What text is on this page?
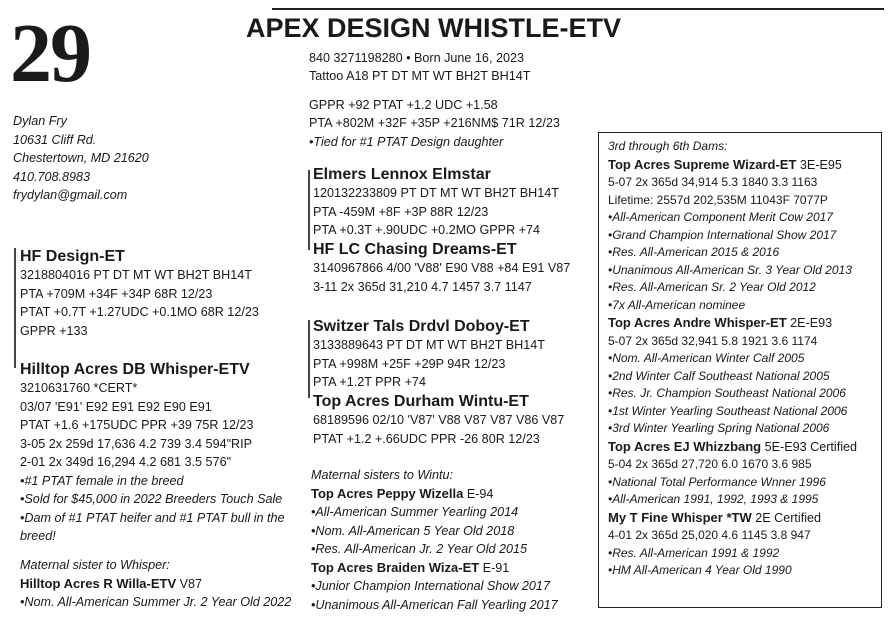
29	APEX DESIGN WHISTLE-ETV
840 3271198280 • Born June 16, 2023
Tattoo A18 PT DT MT WT BH2T BH14T
GPPR +92 PTAT +1.2 UDC +1.58
PTA +802M +32F +35P +216NM$ 71R 12/23
•Tied for #1 PTAT Design daughter
Dylan Fry
10631 Cliff Rd.
Chestertown, MD 21620
410.708.8983
frydylan@gmail.com
HF Design-ET
3218804016 PT DT MT WT BH2T BH14T
PTA +709M +34F +34P 68R 12/23
PTAT +0.7T +1.27UDC +0.1MO 68R 12/23
GPPR +133
Hilltop Acres DB Whisper-ETV
3210631760 *CERT*
03/07 'E91' E92 E91 E92 E90 E91
PTAT +1.6 +175UDC PPR +39 75R 12/23
3-05 2x 259d 17,636 4.2 739 3.4 594"RIP
2-01 2x 349d 16,294 4.2 681 3.5 576"
•#1 PTAT female in the breed
•Sold for $45,000 in 2022 Breeders Touch Sale
•Dam of #1 PTAT heifer and #1 PTAT bull in the breed!
Maternal sister to Whisper:
Hilltop Acres R Willa-ETV V87
•Nom. All-American Summer Jr. 2 Year Old 2022
Elmers Lennox Elmstar
120132233809 PT DT MT WT BH2T BH14T
PTA -459M +8F +3P 88R 12/23
PTA +0.3T +.90UDC +0.2MO GPPR +74
HF LC Chasing Dreams-ET
3140967866 4/00 'V88' E90 V88 +84 E91 V87
3-11 2x 365d 31,210 4.7 1457 3.7 1147
Switzer Tals Drdvl Doboy-ET
3133889643 PT DT MT WT BH2T BH14T
PTA +998M +25F +29P 94R 12/23
PTA +1.2T PPR +74
Top Acres Durham Wintu-ET
68189596 02/10 'V87' V88 V87 V87 V86 V87
PTAT +1.2 +.66UDC PPR -26 80R 12/23
Maternal sisters to Wintu:
Top Acres Peppy Wizella E-94
•All-American Summer Yearling 2014
•Nom. All-American 5 Year Old 2018
•Res. All-American Jr. 2 Year Old 2015
Top Acres Braiden Wiza-ET E-91
•Junior Champion International Show 2017
•Unanimous All-American Fall Yearling 2017
3rd through 6th Dams:
Top Acres Supreme Wizard-ET 3E-E95
5-07 2x 365d 34,914 5.3 1840 3.3 1163
Lifetime: 2557d 202,535M 11043F 7077P
•All-American Component Merit Cow 2017
•Grand Champion International Show 2017
•Res. All-American 2015 & 2016
•Unanimous All-American Sr. 3 Year Old 2013
•Res. All-American Sr. 2 Year Old 2012
•7x All-American nominee
Top Acres Andre Whisper-ET 2E-E93
5-07 2x 365d 32,941 5.8 1921 3.6 1174
•Nom. All-American Winter Calf 2005
•2nd Winter Calf Southeast National 2005
•Res. Jr. Champion Southeast National 2006
•1st Winter Yearling Southeast National 2006
•3rd Winter Yearling Spring National 2006
Top Acres EJ Whizzbang 5E-E93 Certified
5-04 2x 365d 27,720 6.0 1670 3.6 985
•National Total Performance Wnner 1996
•All-American 1991, 1992, 1993 & 1995
My T Fine Whisper *TW 2E Certified
4-01 2x 365d 25,020 4.6 1145 3.8 947
•Res. All-American 1991 & 1992
•HM All-American 4 Year Old 1990
